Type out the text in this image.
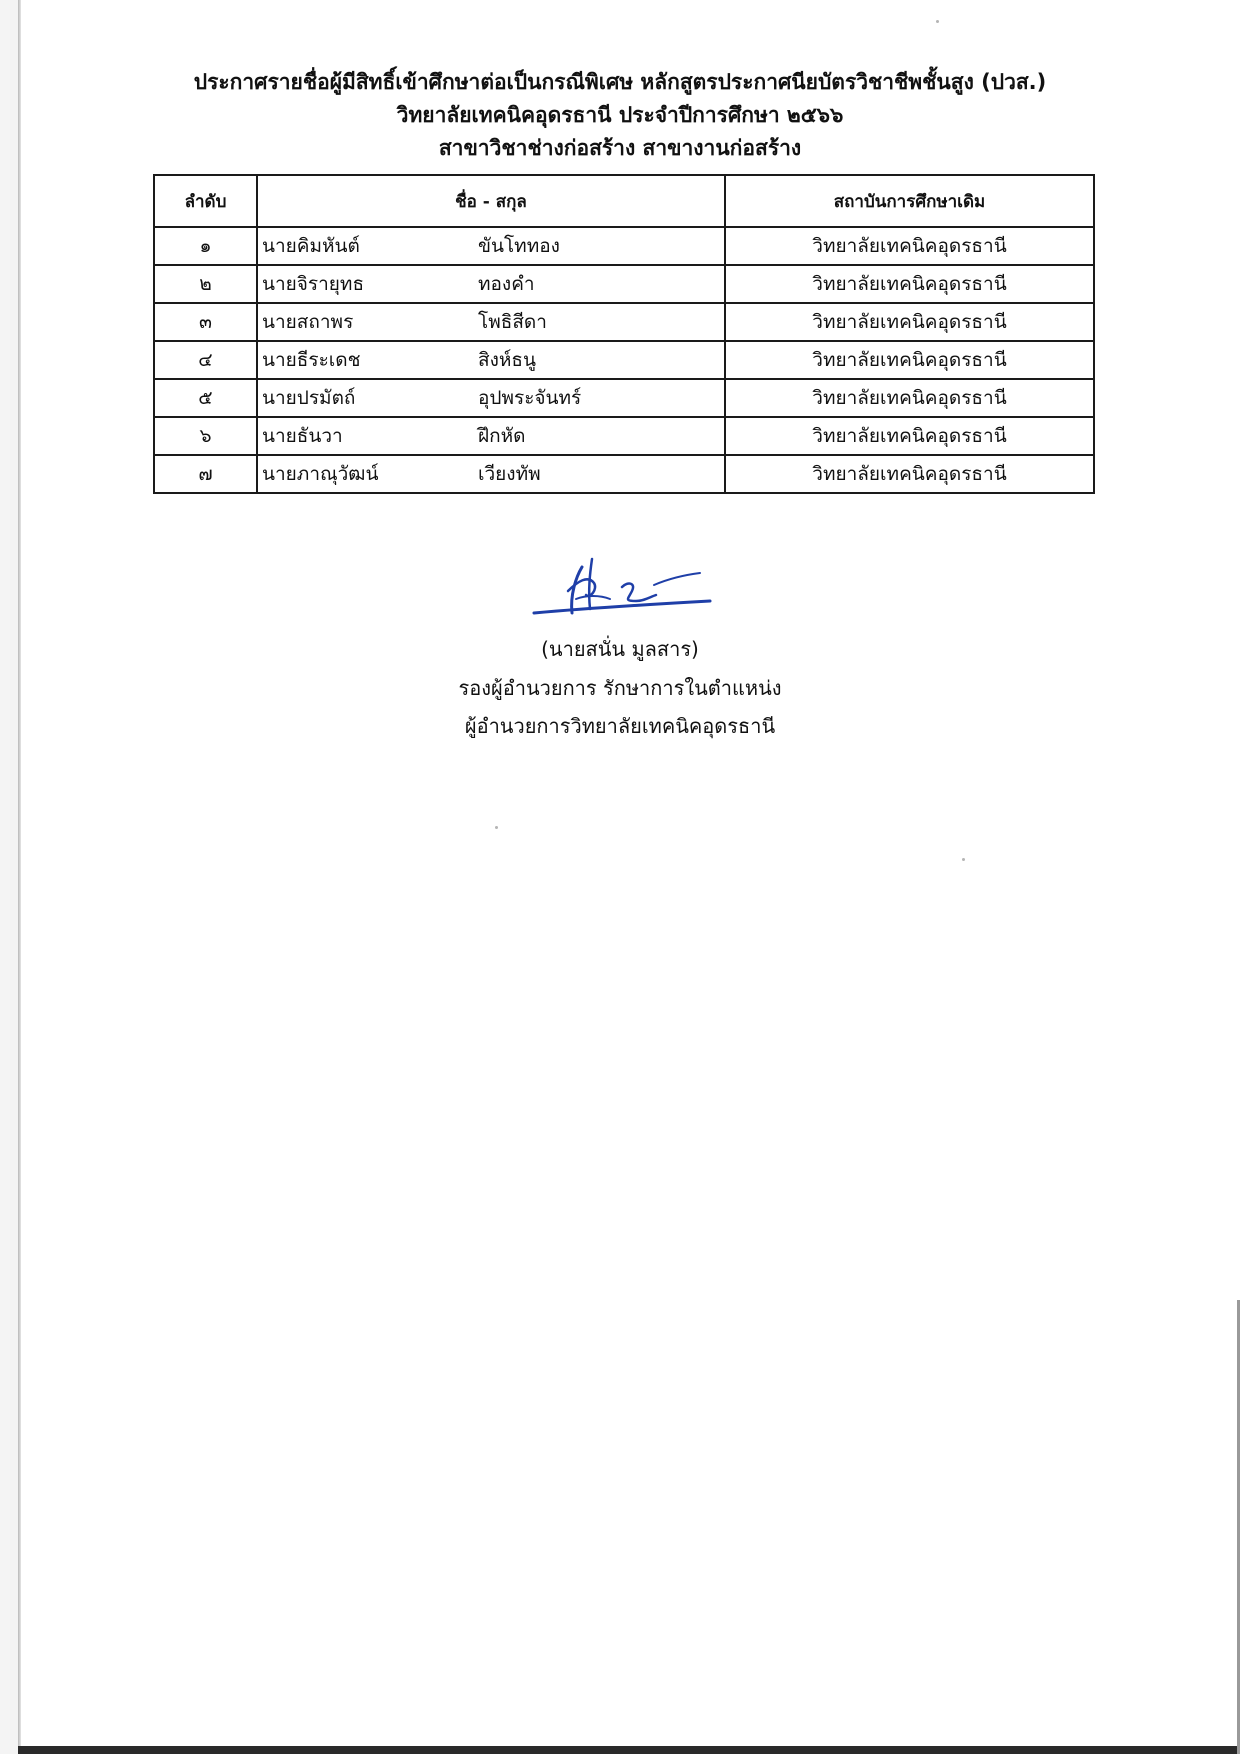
ประกาศรายชื่อผู้มีสิทธิ์เข้าศึกษาต่อเป็นกรณีพิเศษ หลักสูตรประกาศนียบัตรวิชาชีพชั้นสูง (ปวส.)
วิทยาลัยเทคนิคอุดรธานี ประจำปีการศึกษา ๒๕๖๖
สาขาวิชาช่างก่อสร้าง สาขางานก่อสร้าง
ลำดับ	ชื่อ - สกุล	สถาบันการศึกษาเดิม
๑	นายคิมหันต์ ขันโททอง	วิทยาลัยเทคนิคอุดรธานี
๒	นายจิรายุทธ ทองคำ	วิทยาลัยเทคนิคอุดรธานี
๓	นายสถาพร โพธิสีดา	วิทยาลัยเทคนิคอุดรธานี
๔	นายธีระเดช สิงห์ธนู	วิทยาลัยเทคนิคอุดรธานี
๕	นายปรมัตถ์ อุปพระจันทร์	วิทยาลัยเทคนิคอุดรธานี
๖	นายธันวา ฝึกหัด	วิทยาลัยเทคนิคอุดรธานี
๗	นายภาณุวัฒน์ เวียงทัพ	วิทยาลัยเทคนิคอุดรธานี
(นายสนั่น มูลสาร)
รองผู้อำนวยการ รักษาการในตำแหน่ง
ผู้อำนวยการวิทยาลัยเทคนิคอุดรธานี
